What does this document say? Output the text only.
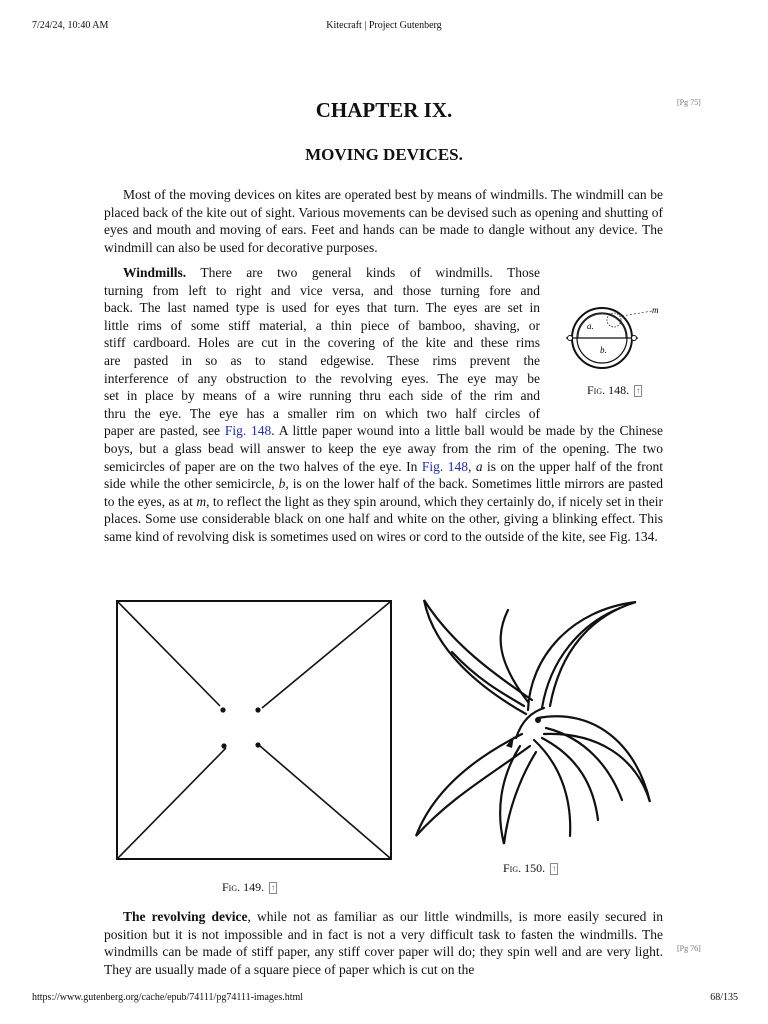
7/24/24, 10:40 AM	Kitecraft | Project Gutenberg
[Pg 75]
CHAPTER IX.
MOVING DEVICES.

Most of the moving devices on kites are operated best by means of windmills. The windmill can be placed back of the kite out of sight. Various movements can be devised such as opening and shutting of eyes and mouth and moving of ears. Feet and hands can be made to dangle without any device. The windmill can also be used for decorative purposes.

Windmills. There are two general kinds of windmills. Those
turning from left to right and vice versa, and those turning fore and
back. The last named type is used for eyes that turn. The eyes are set in
little rims of some stiff material, a thin piece of bamboo, shaving, or
stiff cardboard. Holes are cut in the covering of the kite and these rims
are pasted in so as to stand edgewise. These rims prevent the
interference of any obstruction to the revolving eyes. The eye may be
set in place by means of a wire running thru each side of the rim and
thru the eye. The eye has a smaller rim on which two half circles of
paper are pasted, see Fig. 148. A little paper wound into a little ball would be made by the Chinese boys, but a glass bead will answer to keep the eye away from the rim of the opening. The two semicircles of paper are on the two halves of the eye. In Fig. 148, a is on the upper half of the front side while the other semicircle, b, is on the lower half of the back. Sometimes little mirrors are pasted to the eyes, as at m, to reflect the light as they spin around, which they certainly do, if nicely set in their places. Some use considerable black on one half and white on the other, giving a blinking effect. This same kind of revolving disk is sometimes used on wires or cord to the outside of the kite, see Fig. 134.

a.
b.
m
Fig. 148. ↑
Fig. 149. ↑
Fig. 150. ↑

The revolving device, while not as familiar as our little windmills, is more easily secured in position but it is not impossible and in fact is not a very difficult task to fasten the windmills. The windmills can be made of stiff paper, any stiff cover paper will do; they spin well and are very light. They are usually made of a square piece of paper which is cut on the

[Pg 76]
https://www.gutenberg.org/cache/epub/74111/pg74111-images.html	68/135
